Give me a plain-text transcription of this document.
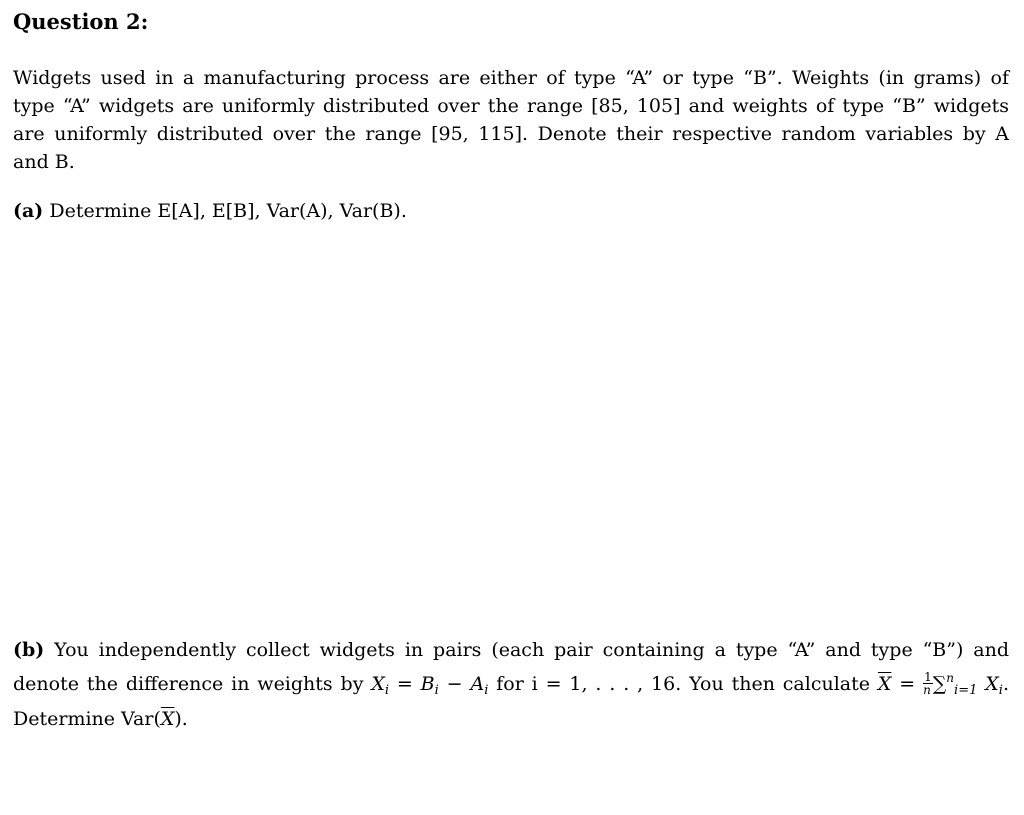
Question 2:
Widgets used in a manufacturing process are either of type “A” or type “B”. Weights (in grams) of
type “A” widgets are uniformly distributed over the range [85, 105] and weights of type “B” widgets
are uniformly distributed over the range [95, 115]. Denote their respective random variables by A
and B.
(a) Determine E[A], E[B], Var(A), Var(B).
(b) You independently collect widgets in pairs (each pair containing a type “A” and type “B”) and
denote the difference in weights by $X_i = B_i - A_i$ for i = 1, . . . , 16. You then calculate $\overline{X} = \frac{1}{n} \sum^n_{i=1}$ $X_i$.
Determine $Var(\overline{X})$.
